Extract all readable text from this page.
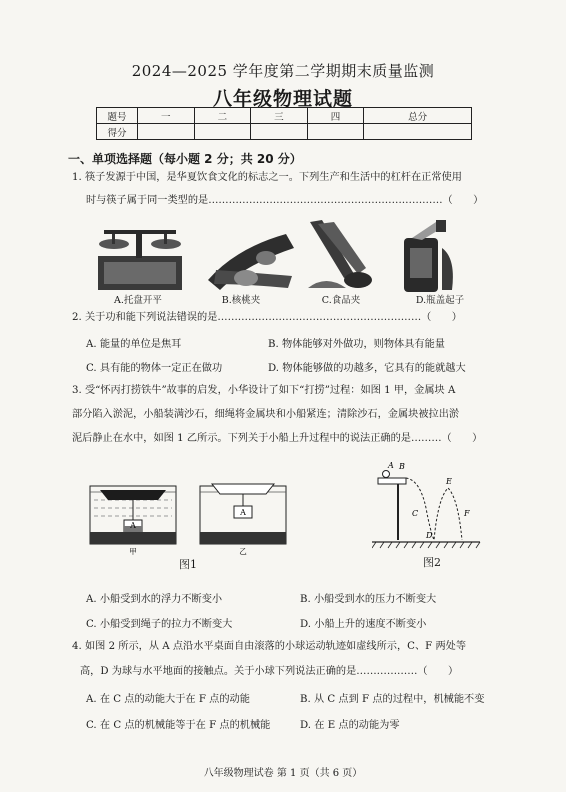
2024—2025 学年度第二学期期末质量监测
八年级物理试题
题号	一	二	三	四	总分
得分					
一、单项选择题（每小题 2 分；共 20 分）
1. 筷子发源于中国，是华夏饮食文化的标志之一。下列生产和生活中的杠杆在正常使用
时与筷子属于同一类型的是……………………………………………………………（　　）
A.托盘开平	B.核桃夹	C.食品夹	D.瓶盖起子
2. 关于功和能下列说法错误的是……………………………………………………（　　）
A. 能量的单位是焦耳	B. 物体能够对外做功，则物体具有能量
C. 具有能的物体一定正在做功	D. 物体能够做的功越多，它具有的能就越大
3. 受“怀丙打捞铁牛”故事的启发，小华设计了如下“打捞”过程：如图 1 甲，金属块 A
部分陷入淤泥，小船装满沙石，细绳将金属块和小船紧连；清除沙石，金属块被拉出淤
泥后静止在水中，如图 1 乙所示。下列关于小船上升过程中的说法正确的是………（　　）
A
A
甲	乙
图1
A B
C
D
E
F
图2
A. 小船受到水的浮力不断变小	B. 小船受到水的压力不断变大
C. 小船受到绳子的拉力不断变大	D. 小船上升的速度不断变小
4. 如图 2 所示，从 A 点沿水平桌面自由滚落的小球运动轨迹如虚线所示，C、F 两处等
高，D 为球与水平地面的接触点。关于小球下列说法正确的是………………（　　）
A. 在 C 点的动能大于在 F 点的动能	B. 从 C 点到 F 点的过程中，机械能不变
C. 在 C 点的机械能等于在 F 点的机械能	D. 在 E 点的动能为零
八年级物理试卷 第 1 页（共 6 页）
